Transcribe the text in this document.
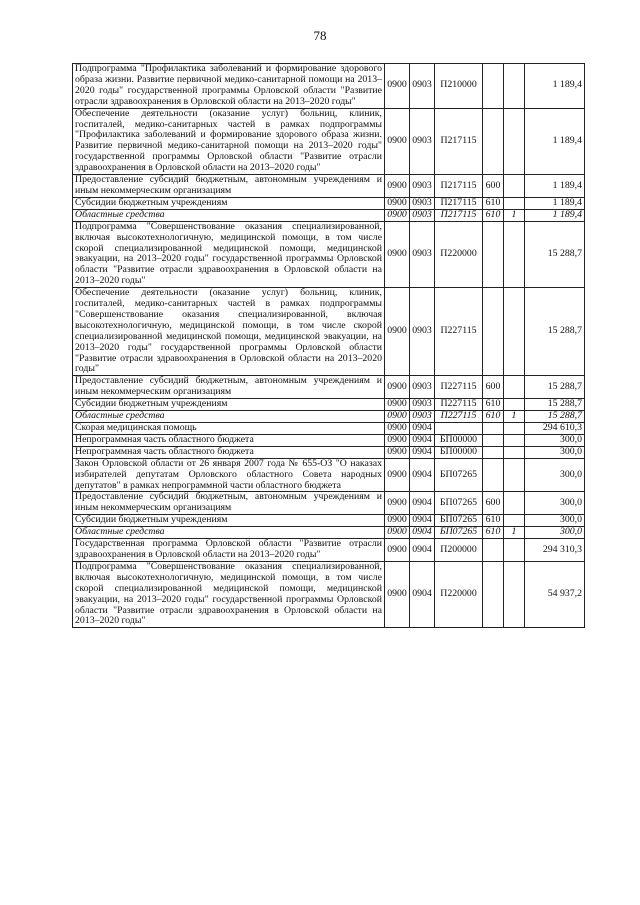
78
Подпрограмма "Профилактика заболеваний и формирование здорового образа жизни. Развитие первичной медико-санитарной помощи на 2013–2020 годы" государственной программы Орловской области "Развитие отрасли здравоохранения в Орловской области на 2013–2020 годы"	0900	0903	П210000			1 189,4
Обеспечение деятельности (оказание услуг) больниц, клиник, госпиталей, медико-санитарных частей в рамках подпрограммы "Профилактика заболеваний и формирование здорового образа жизни. Развитие первичной медико-санитарной помощи на 2013–2020 годы" государственной программы Орловской области "Развитие отрасли здравоохранения в Орловской области на 2013–2020 годы"	0900	0903	П217115			1 189,4
Предоставление субсидий бюджетным, автономным учреждениям и иным некоммерческим организациям	0900	0903	П217115	600		1 189,4
Субсидии бюджетным учреждениям	0900	0903	П217115	610		1 189,4
Областные средства	0900	0903	П217115	610	1	1 189,4
Подпрограмма "Совершенствование оказания специализированной, включая высокотехнологичную, медицинской помощи, в том числе скорой специализированной медицинской помощи, медицинской эвакуации, на 2013–2020 годы" государственной программы Орловской области "Развитие отрасли здравоохранения в Орловской области на 2013–2020 годы"	0900	0903	П220000			15 288,7
Обеспечение деятельности (оказание услуг) больниц, клиник, госпиталей, медико-санитарных частей в рамках подпрограммы "Совершенствование оказания специализированной, включая высокотехнологичную, медицинской помощи, в том числе скорой специализированной медицинской помощи, медицинской эвакуации, на 2013–2020 годы" государственной программы Орловской области "Развитие отрасли здравоохранения в Орловской области на 2013–2020 годы"	0900	0903	П227115			15 288,7
Предоставление субсидий бюджетным, автономным учреждениям и иным некоммерческим организациям	0900	0903	П227115	600		15 288,7
Субсидии бюджетным учреждениям	0900	0903	П227115	610		15 288,7
Областные средства	0900	0903	П227115	610	1	15 288,7
Скорая медицинская помощь	0900	0904				294 610,3
Непрограммная часть областного бюджета	0900	0904	БП00000			300,0
Непрограммная часть областного бюджета	0900	0904	БП00000			300,0
Закон Орловской области от 26 января 2007 года № 655-ОЗ "О наказах избирателей депутатам Орловского областного Совета народных депутатов" в рамках непрограммной части областного бюджета	0900	0904	БП07265			300,0
Предоставление субсидий бюджетным, автономным учреждениям и иным некоммерческим организациям	0900	0904	БП07265	600		300,0
Субсидии бюджетным учреждениям	0900	0904	БП07265	610		300,0
Областные средства	0900	0904	БП07265	610	1	300,0
Государственная программа Орловской области "Развитие отрасли здравоохранения в Орловской области на 2013–2020 годы"	0900	0904	П200000			294 310,3
Подпрограмма "Совершенствование оказания специализированной, включая высокотехнологичную, медицинской помощи, в том числе скорой специализированной медицинской помощи, медицинской эвакуации, на 2013–2020 годы" государственной программы Орловской области "Развитие отрасли здравоохранения в Орловской области на 2013–2020 годы"	0900	0904	П220000			54 937,2
